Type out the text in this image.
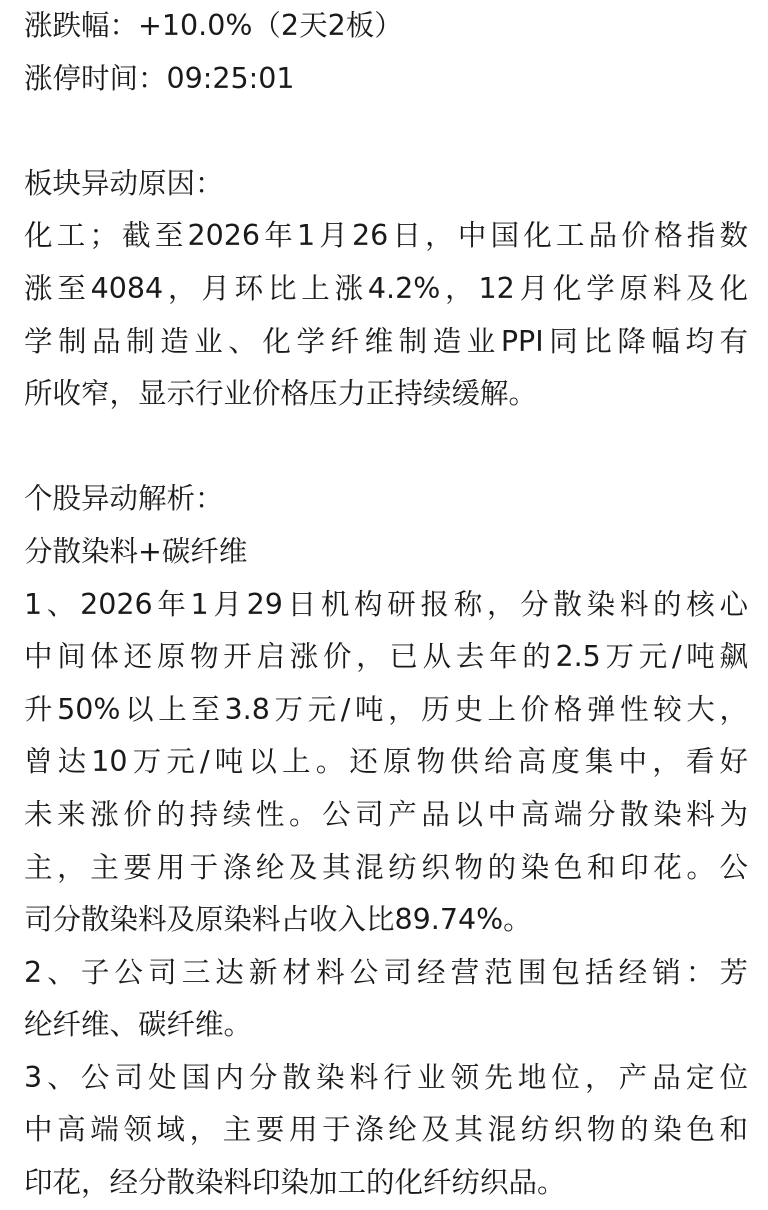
涨跌幅：+10.0%（2天2板）
涨停时间：09:25:01
板块异动原因：
化工；截至2026年1月26日，中国化工品价格指数
涨至4084，月环比上涨4.2%，12月化学原料及化
学制品制造业、化学纤维制造业PPI同比降幅均有
所收窄，显示行业价格压力正持续缓解。
个股异动解析：
分散染料+碳纤维
1、2026年1月29日机构研报称，分散染料的核心
中间体还原物开启涨价，已从去年的2.5万元/吨飙
升50%以上至3.8万元/吨，历史上价格弹性较大，
曾达10万元/吨以上。还原物供给高度集中，看好
未来涨价的持续性。公司产品以中高端分散染料为
主，主要用于涤纶及其混纺织物的染色和印花。公
司分散染料及原染料占收入比89.74%。
2、子公司三达新材料公司经营范围包括经销：芳
纶纤维、碳纤维。
3、公司处国内分散染料行业领先地位，产品定位
中高端领域，主要用于涤纶及其混纺织物的染色和
印花，经分散染料印染加工的化纤纺织品。
